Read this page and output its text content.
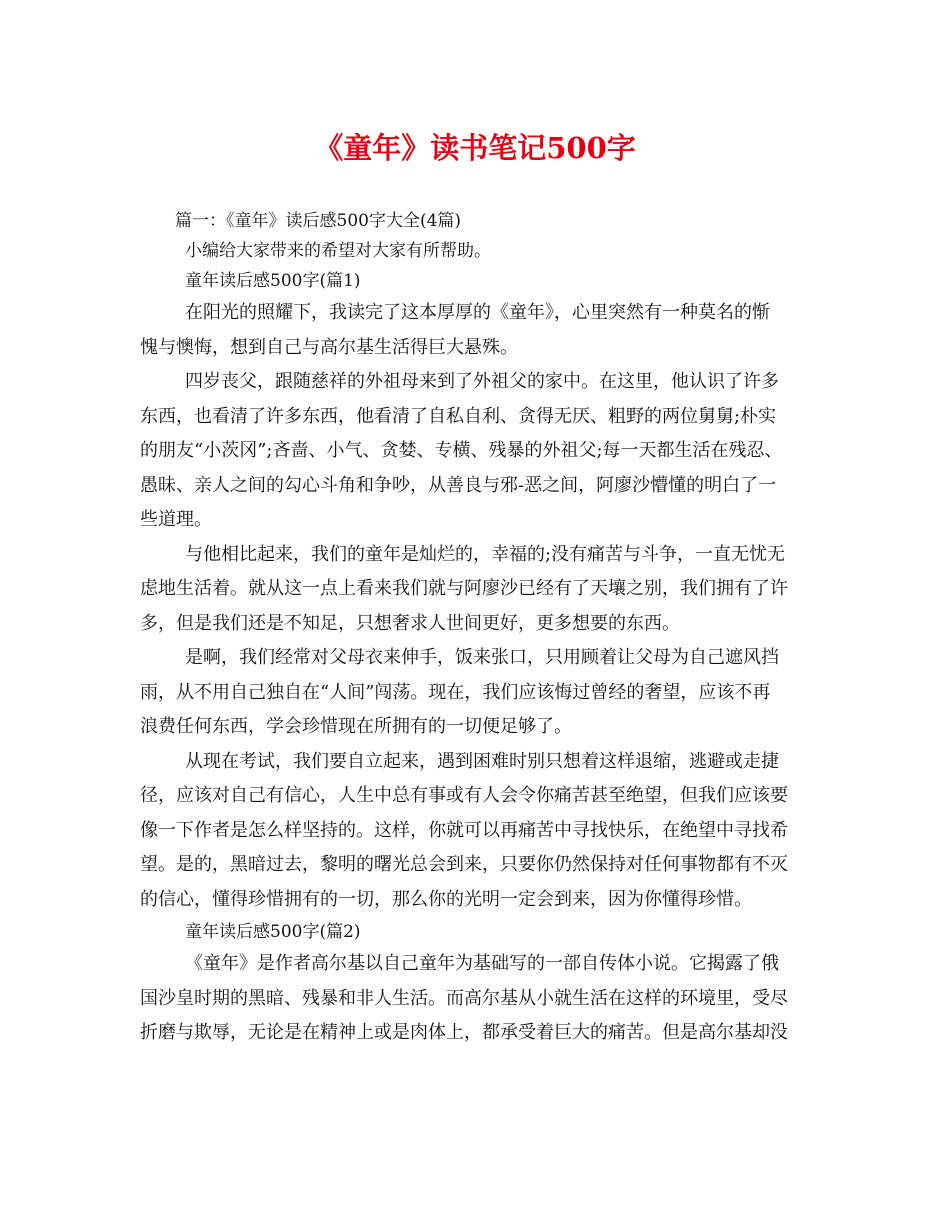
《童年》读书笔记500字

篇一：《童年》读后感500字大全(4篇)

小编给大家带来的希望对大家有所帮助。

童年读后感500字(篇1)

在阳光的照耀下，我读完了这本厚厚的《童年》，心里突然有一种莫名的惭

愧与懊悔，想到自己与高尔基生活得巨大悬殊。

四岁丧父，跟随慈祥的外祖母来到了外祖父的家中。在这里，他认识了许多

东西，也看清了许多东西，他看清了自私自利、贪得无厌、粗野的两位舅舅;朴实

的朋友“小茨冈”;吝啬、小气、贪婪、专横、残暴的外祖父;每一天都生活在残忍、

愚昧、亲人之间的勾心斗角和争吵，从善良与邪-恶之间，阿廖沙懵懂的明白了一

些道理。

与他相比起来，我们的童年是灿烂的，幸福的;没有痛苦与斗争，一直无忧无

虑地生活着。就从这一点上看来我们就与阿廖沙已经有了天壤之别，我们拥有了许

多，但是我们还是不知足，只想奢求人世间更好，更多想要的东西。

是啊，我们经常对父母衣来伸手，饭来张口，只用顾着让父母为自己遮风挡

雨，从不用自己独自在“人间”闯荡。现在，我们应该悔过曾经的奢望，应该不再

浪费任何东西，学会珍惜现在所拥有的一切便足够了。

从现在考试，我们要自立起来，遇到困难时别只想着这样退缩，逃避或走捷

径，应该对自己有信心，人生中总有事或有人会令你痛苦甚至绝望，但我们应该要

像一下作者是怎么样坚持的。这样，你就可以再痛苦中寻找快乐，在绝望中寻找希

望。是的，黑暗过去，黎明的曙光总会到来，只要你仍然保持对任何事物都有不灭

的信心，懂得珍惜拥有的一切，那么你的光明一定会到来，因为你懂得珍惜。

童年读后感500字(篇2)

《童年》是作者高尔基以自己童年为基础写的一部自传体小说。它揭露了俄

国沙皇时期的黑暗、残暴和非人生活。而高尔基从小就生活在这样的环境里，受尽

折磨与欺辱，无论是在精神上或是肉体上，都承受着巨大的痛苦。但是高尔基却没
